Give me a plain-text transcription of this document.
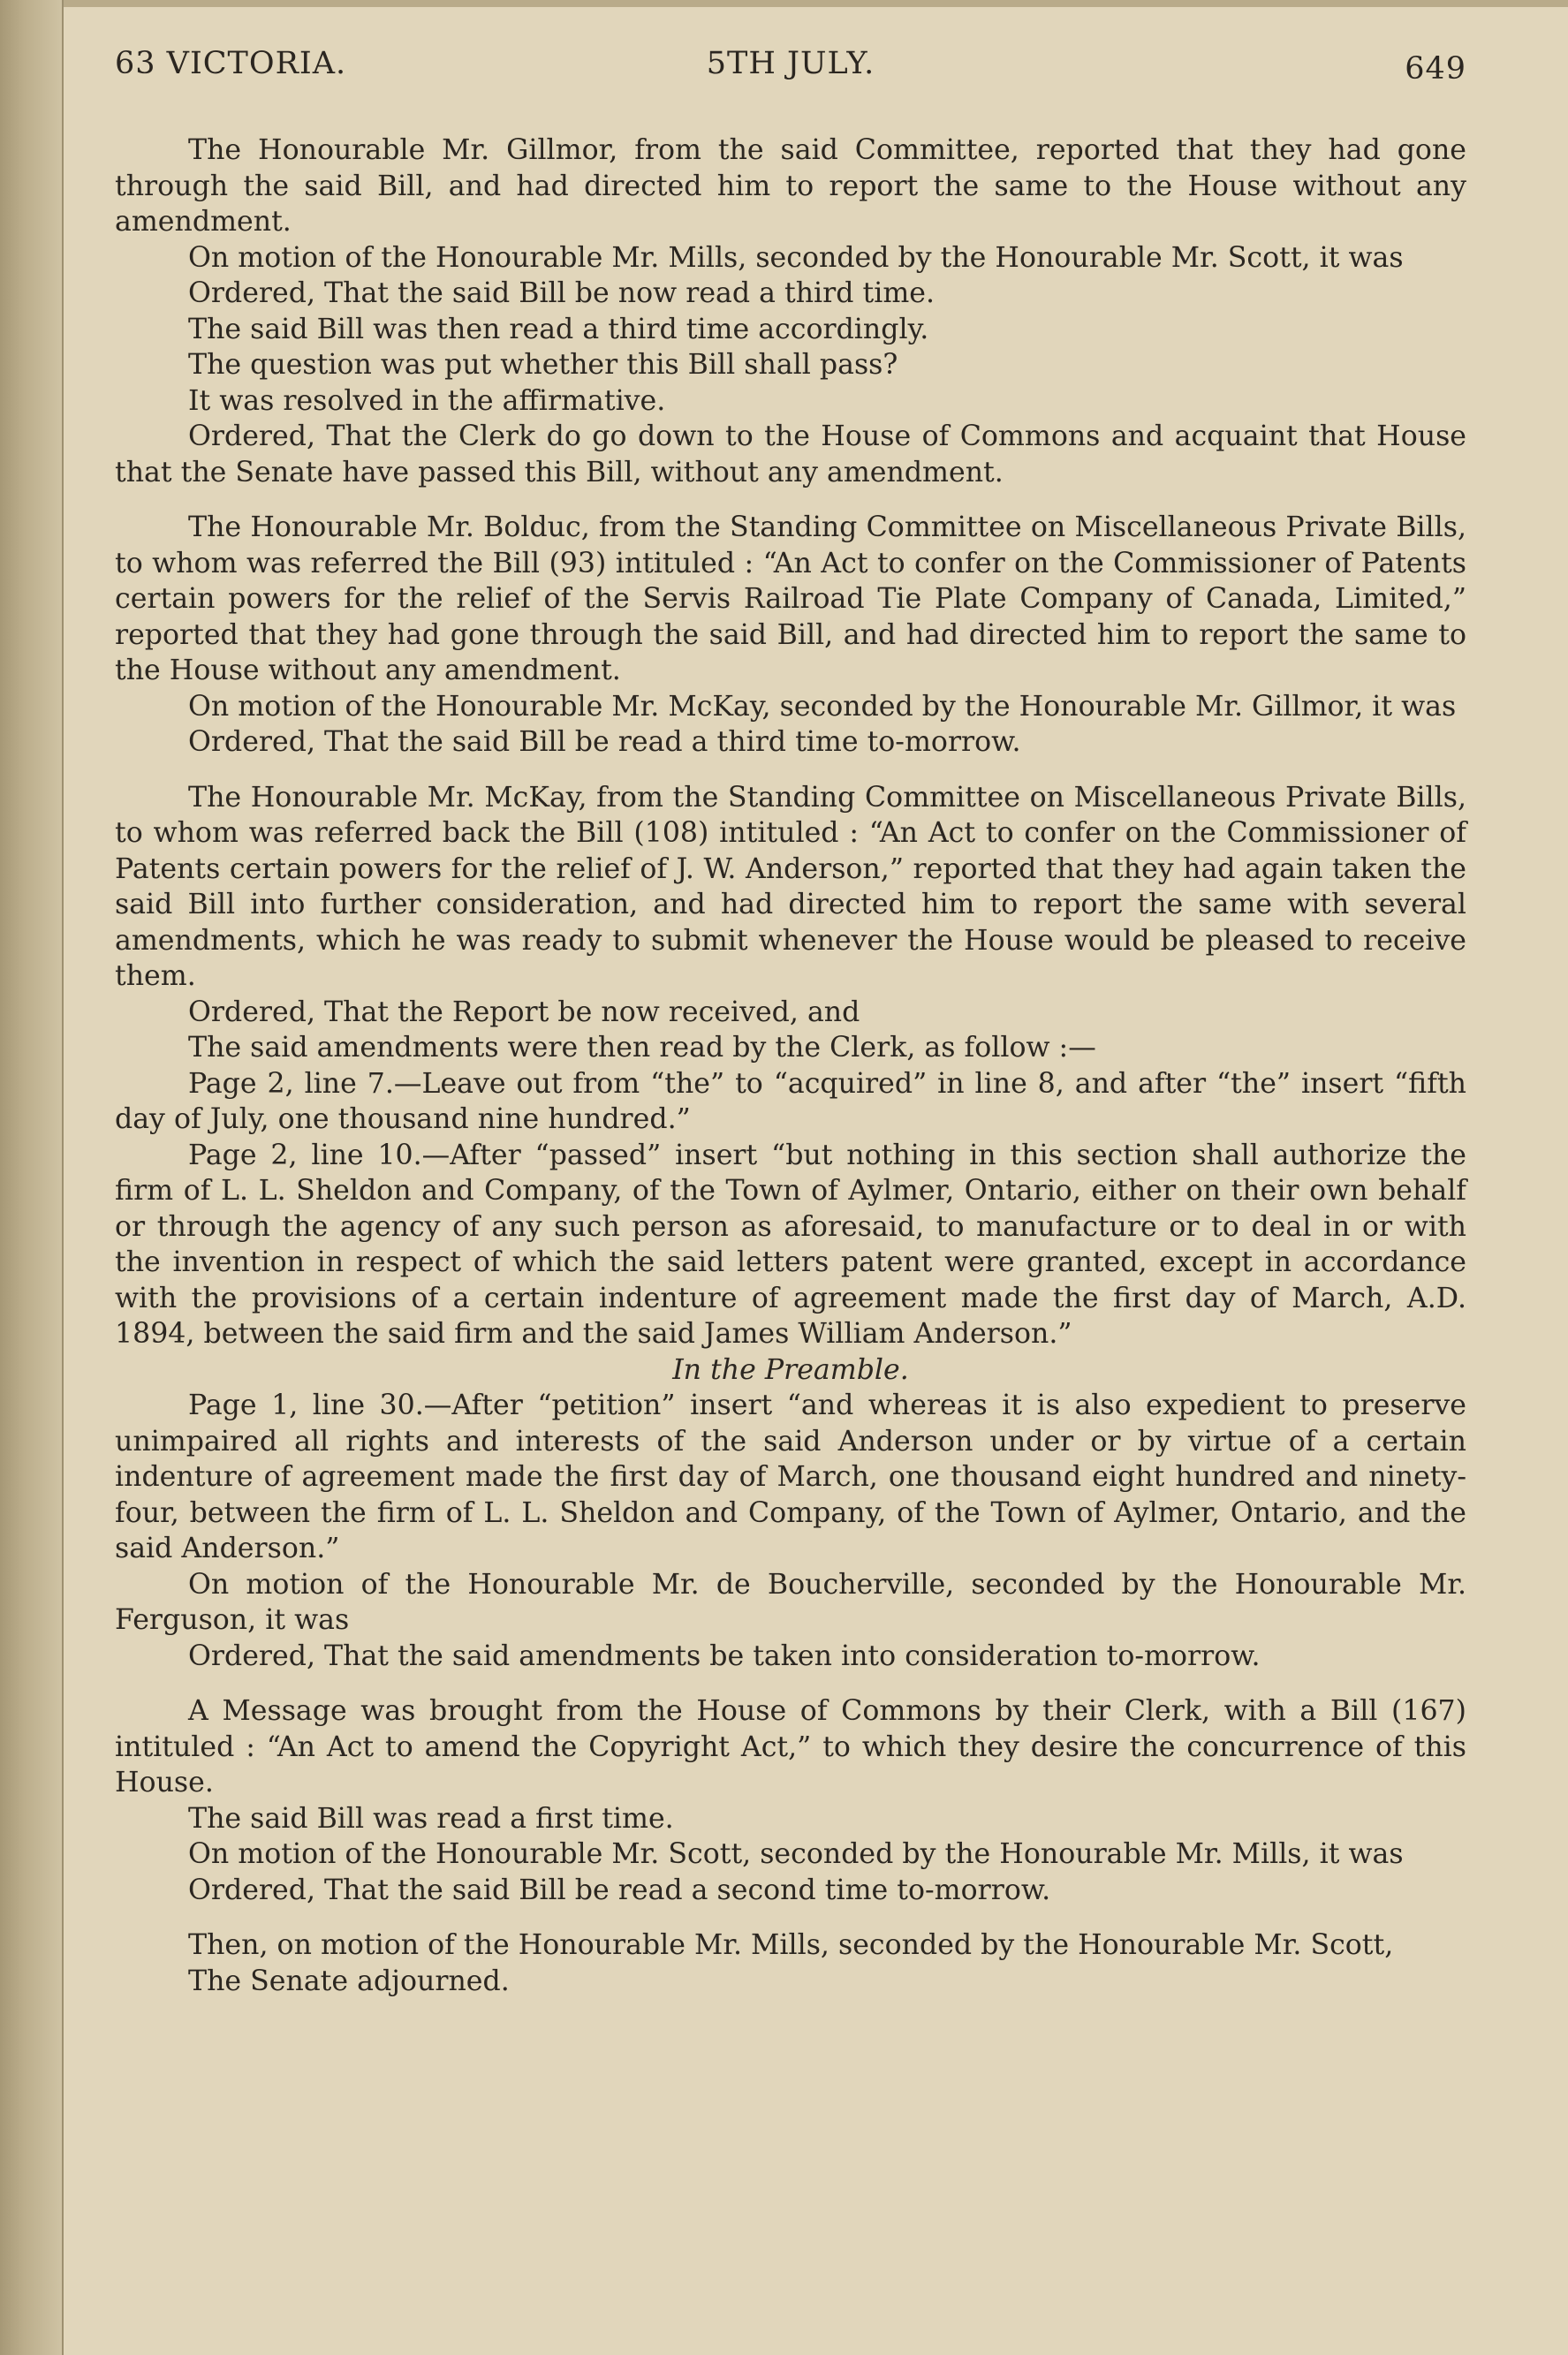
63 VICTORIA.	5TH JULY.	649

The Honourable Mr. Gillmor, from the said Committee, reported that they had gone through the said Bill, and had directed him to report the same to the House without any amendment.

On motion of the Honourable Mr. Mills, seconded by the Honourable Mr. Scott, it was

Ordered, That the said Bill be now read a third time.

The said Bill was then read a third time accordingly.

The question was put whether this Bill shall pass?

It was resolved in the affirmative.

Ordered, That the Clerk do go down to the House of Commons and acquaint that House that the Senate have passed this Bill, without any amendment.

The Honourable Mr. Bolduc, from the Standing Committee on Miscellaneous Private Bills, to whom was referred the Bill (93) intituled : “An Act to confer on the Commissioner of Patents certain powers for the relief of the Servis Railroad Tie Plate Company of Canada, Limited,” reported that they had gone through the said Bill, and had directed him to report the same to the House without any amendment.

On motion of the Honourable Mr. McKay, seconded by the Honourable Mr. Gillmor, it was

Ordered, That the said Bill be read a third time to-morrow.

The Honourable Mr. McKay, from the Standing Committee on Miscellaneous Private Bills, to whom was referred back the Bill (108) intituled : “An Act to confer on the Commissioner of Patents certain powers for the relief of J. W. Anderson,” reported that they had again taken the said Bill into further consideration, and had directed him to report the same with several amendments, which he was ready to submit whenever the House would be pleased to receive them.

Ordered, That the Report be now received, and

The said amendments were then read by the Clerk, as follow :—

Page 2, line 7.—Leave out from “the” to “acquired” in line 8, and after “the” insert “fifth day of July, one thousand nine hundred.”

Page 2, line 10.—After “passed” insert “but nothing in this section shall authorize the firm of L. L. Sheldon and Company, of the Town of Aylmer, Ontario, either on their own behalf or through the agency of any such person as aforesaid, to manufacture or to deal in or with the invention in respect of which the said letters patent were granted, except in accordance with the provisions of a certain indenture of agreement made the first day of March, A.D. 1894, between the said firm and the said James William Anderson.”

In the Preamble.

Page 1, line 30.—After “petition” insert “and whereas it is also expedient to preserve unimpaired all rights and interests of the said Anderson under or by virtue of a certain indenture of agreement made the first day of March, one thousand eight hundred and ninety-four, between the firm of L. L. Sheldon and Company, of the Town of Aylmer, Ontario, and the said Anderson.”

On motion of the Honourable Mr. de Boucherville, seconded by the Honourable Mr. Ferguson, it was

Ordered, That the said amendments be taken into consideration to-morrow.

A Message was brought from the House of Commons by their Clerk, with a Bill (167) intituled : “An Act to amend the Copyright Act,” to which they desire the concurrence of this House.

The said Bill was read a first time.

On motion of the Honourable Mr. Scott, seconded by the Honourable Mr. Mills, it was

Ordered, That the said Bill be read a second time to-morrow.

Then, on motion of the Honourable Mr. Mills, seconded by the Honourable Mr. Scott,

The Senate adjourned.
